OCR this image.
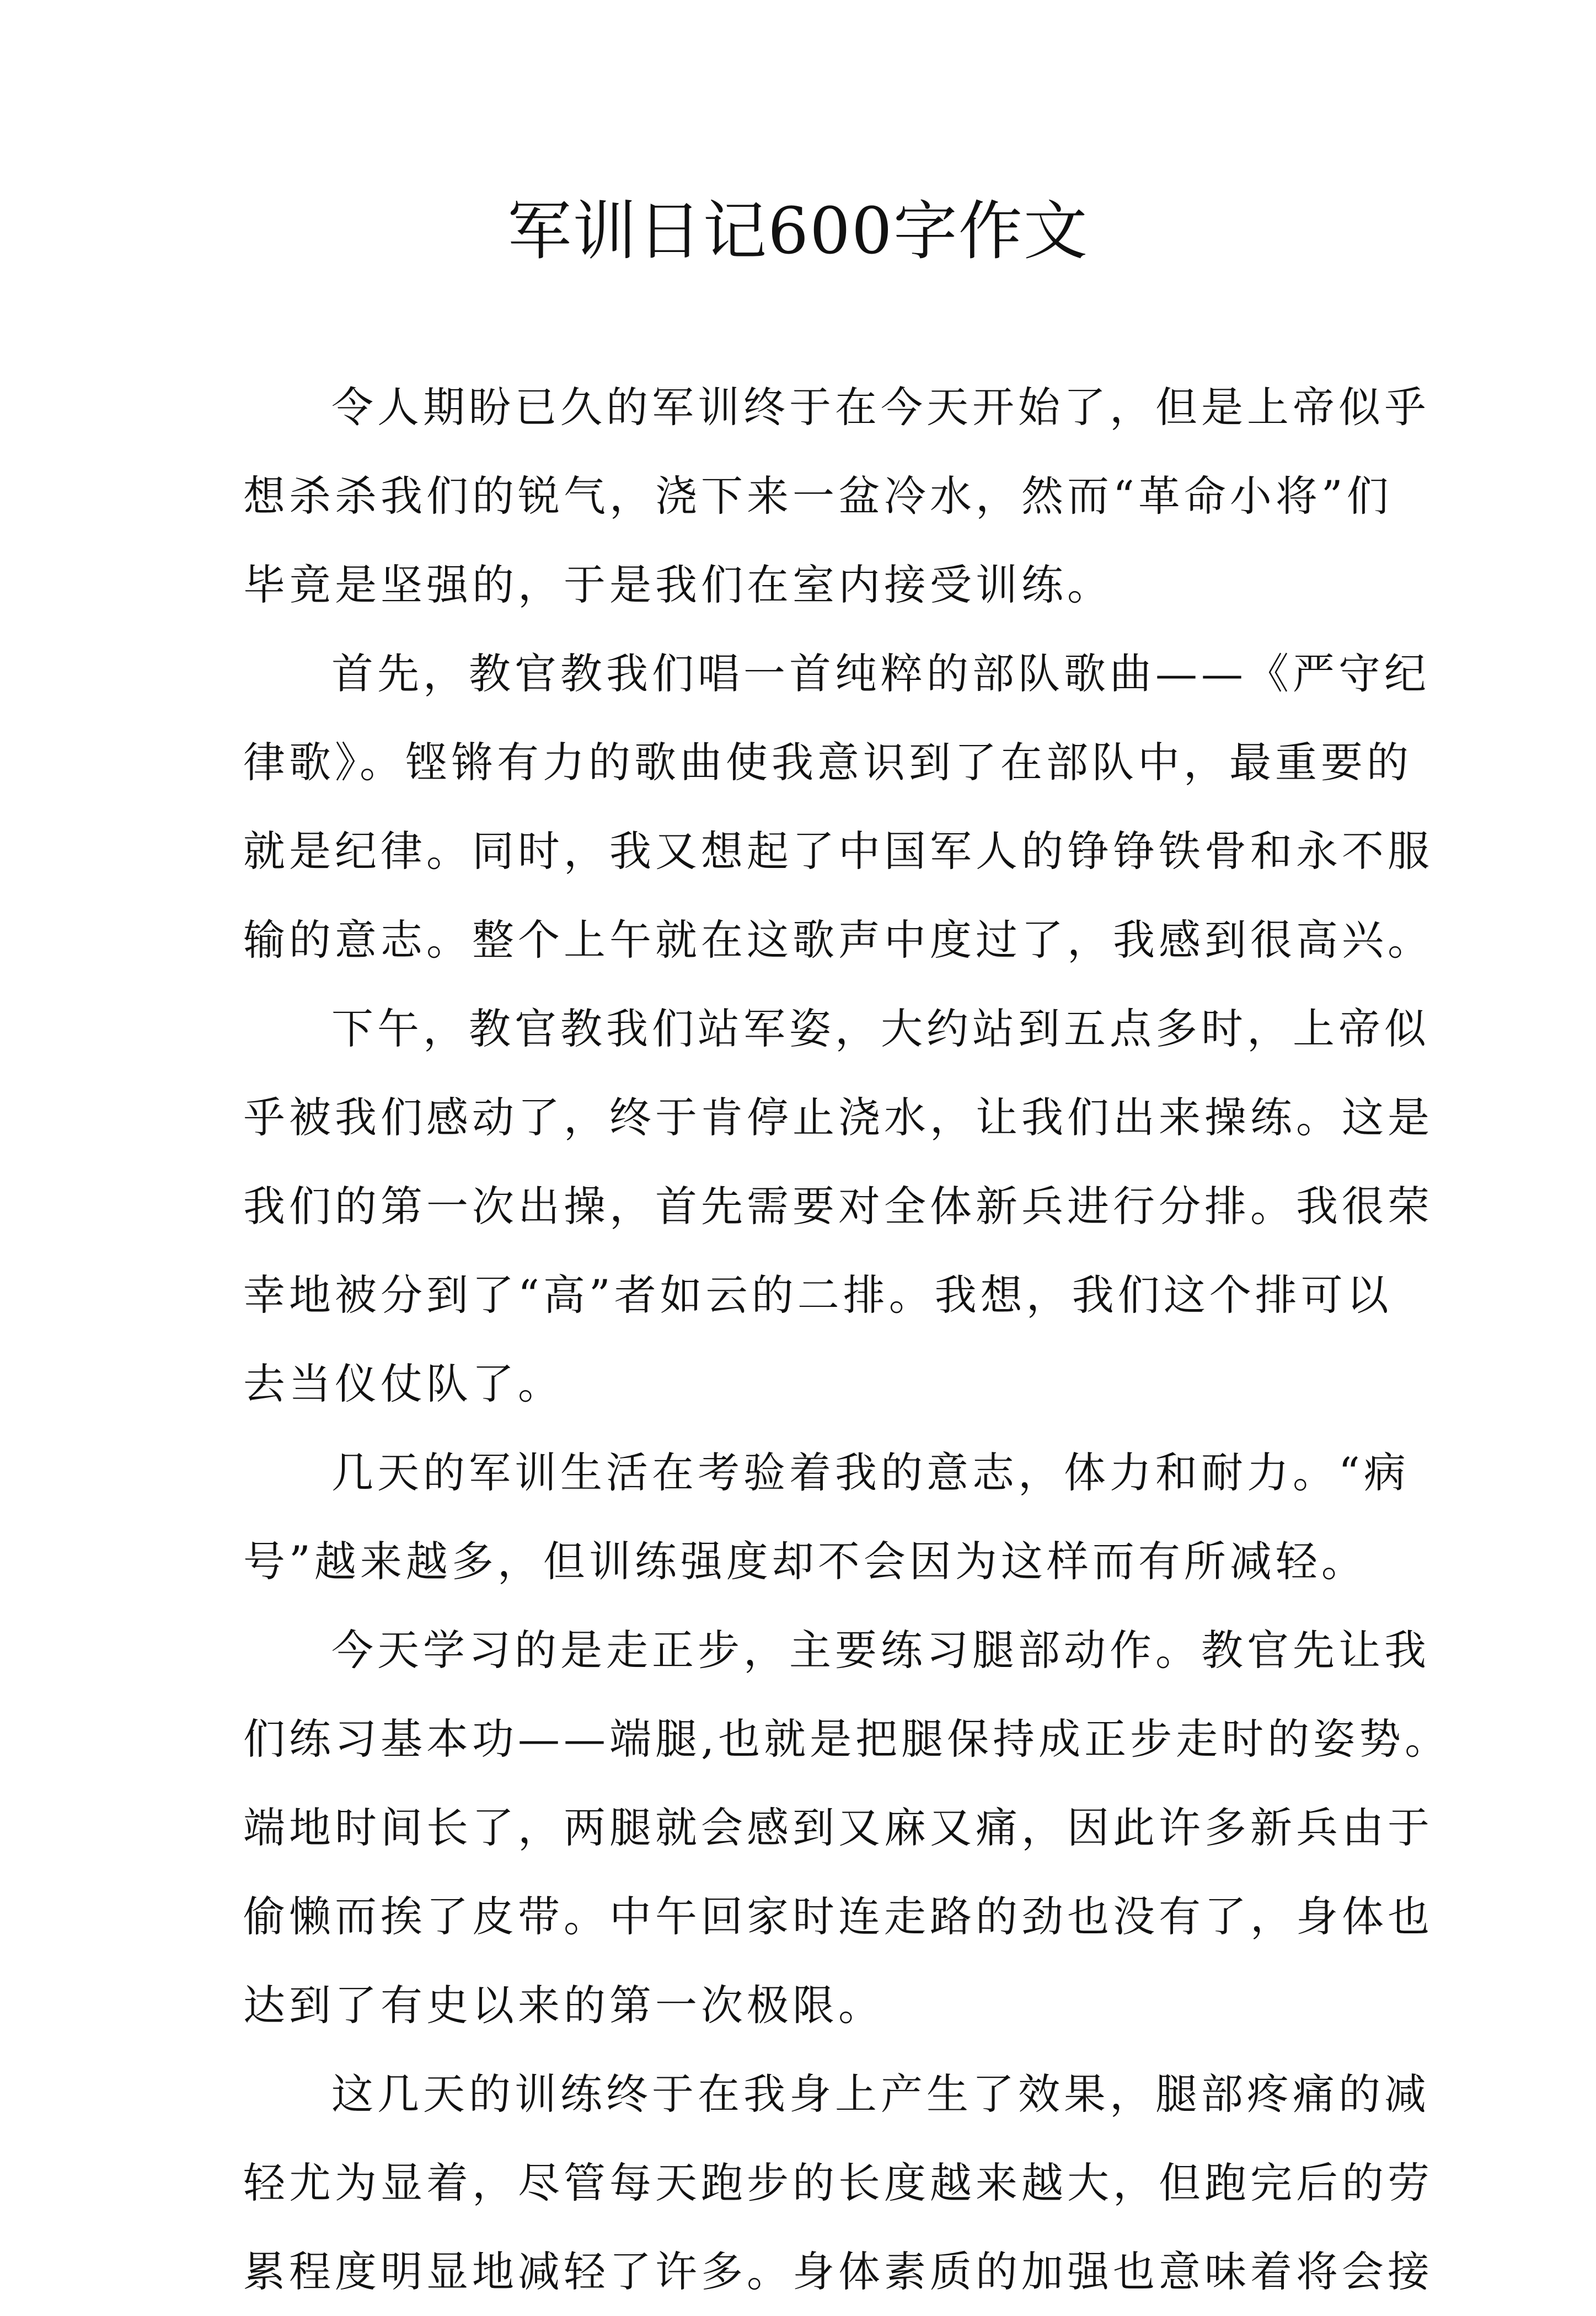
军训日记600字作文
令人期盼已久的军训终于在今天开始了，但是上帝似乎
想杀杀我们的锐气，浇下来一盆冷水，然而“革命小将”们
毕竟是坚强的，于是我们在室内接受训练。
首先，教官教我们唱一首纯粹的部队歌曲——《严守纪
律歌》。铿锵有力的歌曲使我意识到了在部队中，最重要的
就是纪律。同时，我又想起了中国军人的铮铮铁骨和永不服
输的意志。整个上午就在这歌声中度过了，我感到很高兴。
下午，教官教我们站军姿，大约站到五点多时，上帝似
乎被我们感动了，终于肯停止浇水，让我们出来操练。这是
我们的第一次出操，首先需要对全体新兵进行分排。我很荣
幸地被分到了“高”者如云的二排。我想，我们这个排可以
去当仪仗队了。
几天的军训生活在考验着我的意志，体力和耐力。“病
号”越来越多，但训练强度却不会因为这样而有所减轻。
今天学习的是走正步，主要练习腿部动作。教官先让我
们练习基本功——端腿,也就是把腿保持成正步走时的姿势。
端地时间长了，两腿就会感到又麻又痛，因此许多新兵由于
偷懒而挨了皮带。中午回家时连走路的劲也没有了，身体也
达到了有史以来的第一次极限。
这几天的训练终于在我身上产生了效果，腿部疼痛的减
轻尤为显着，尽管每天跑步的长度越来越大，但跑完后的劳
累程度明显地减轻了许多。身体素质的加强也意味着将会接
